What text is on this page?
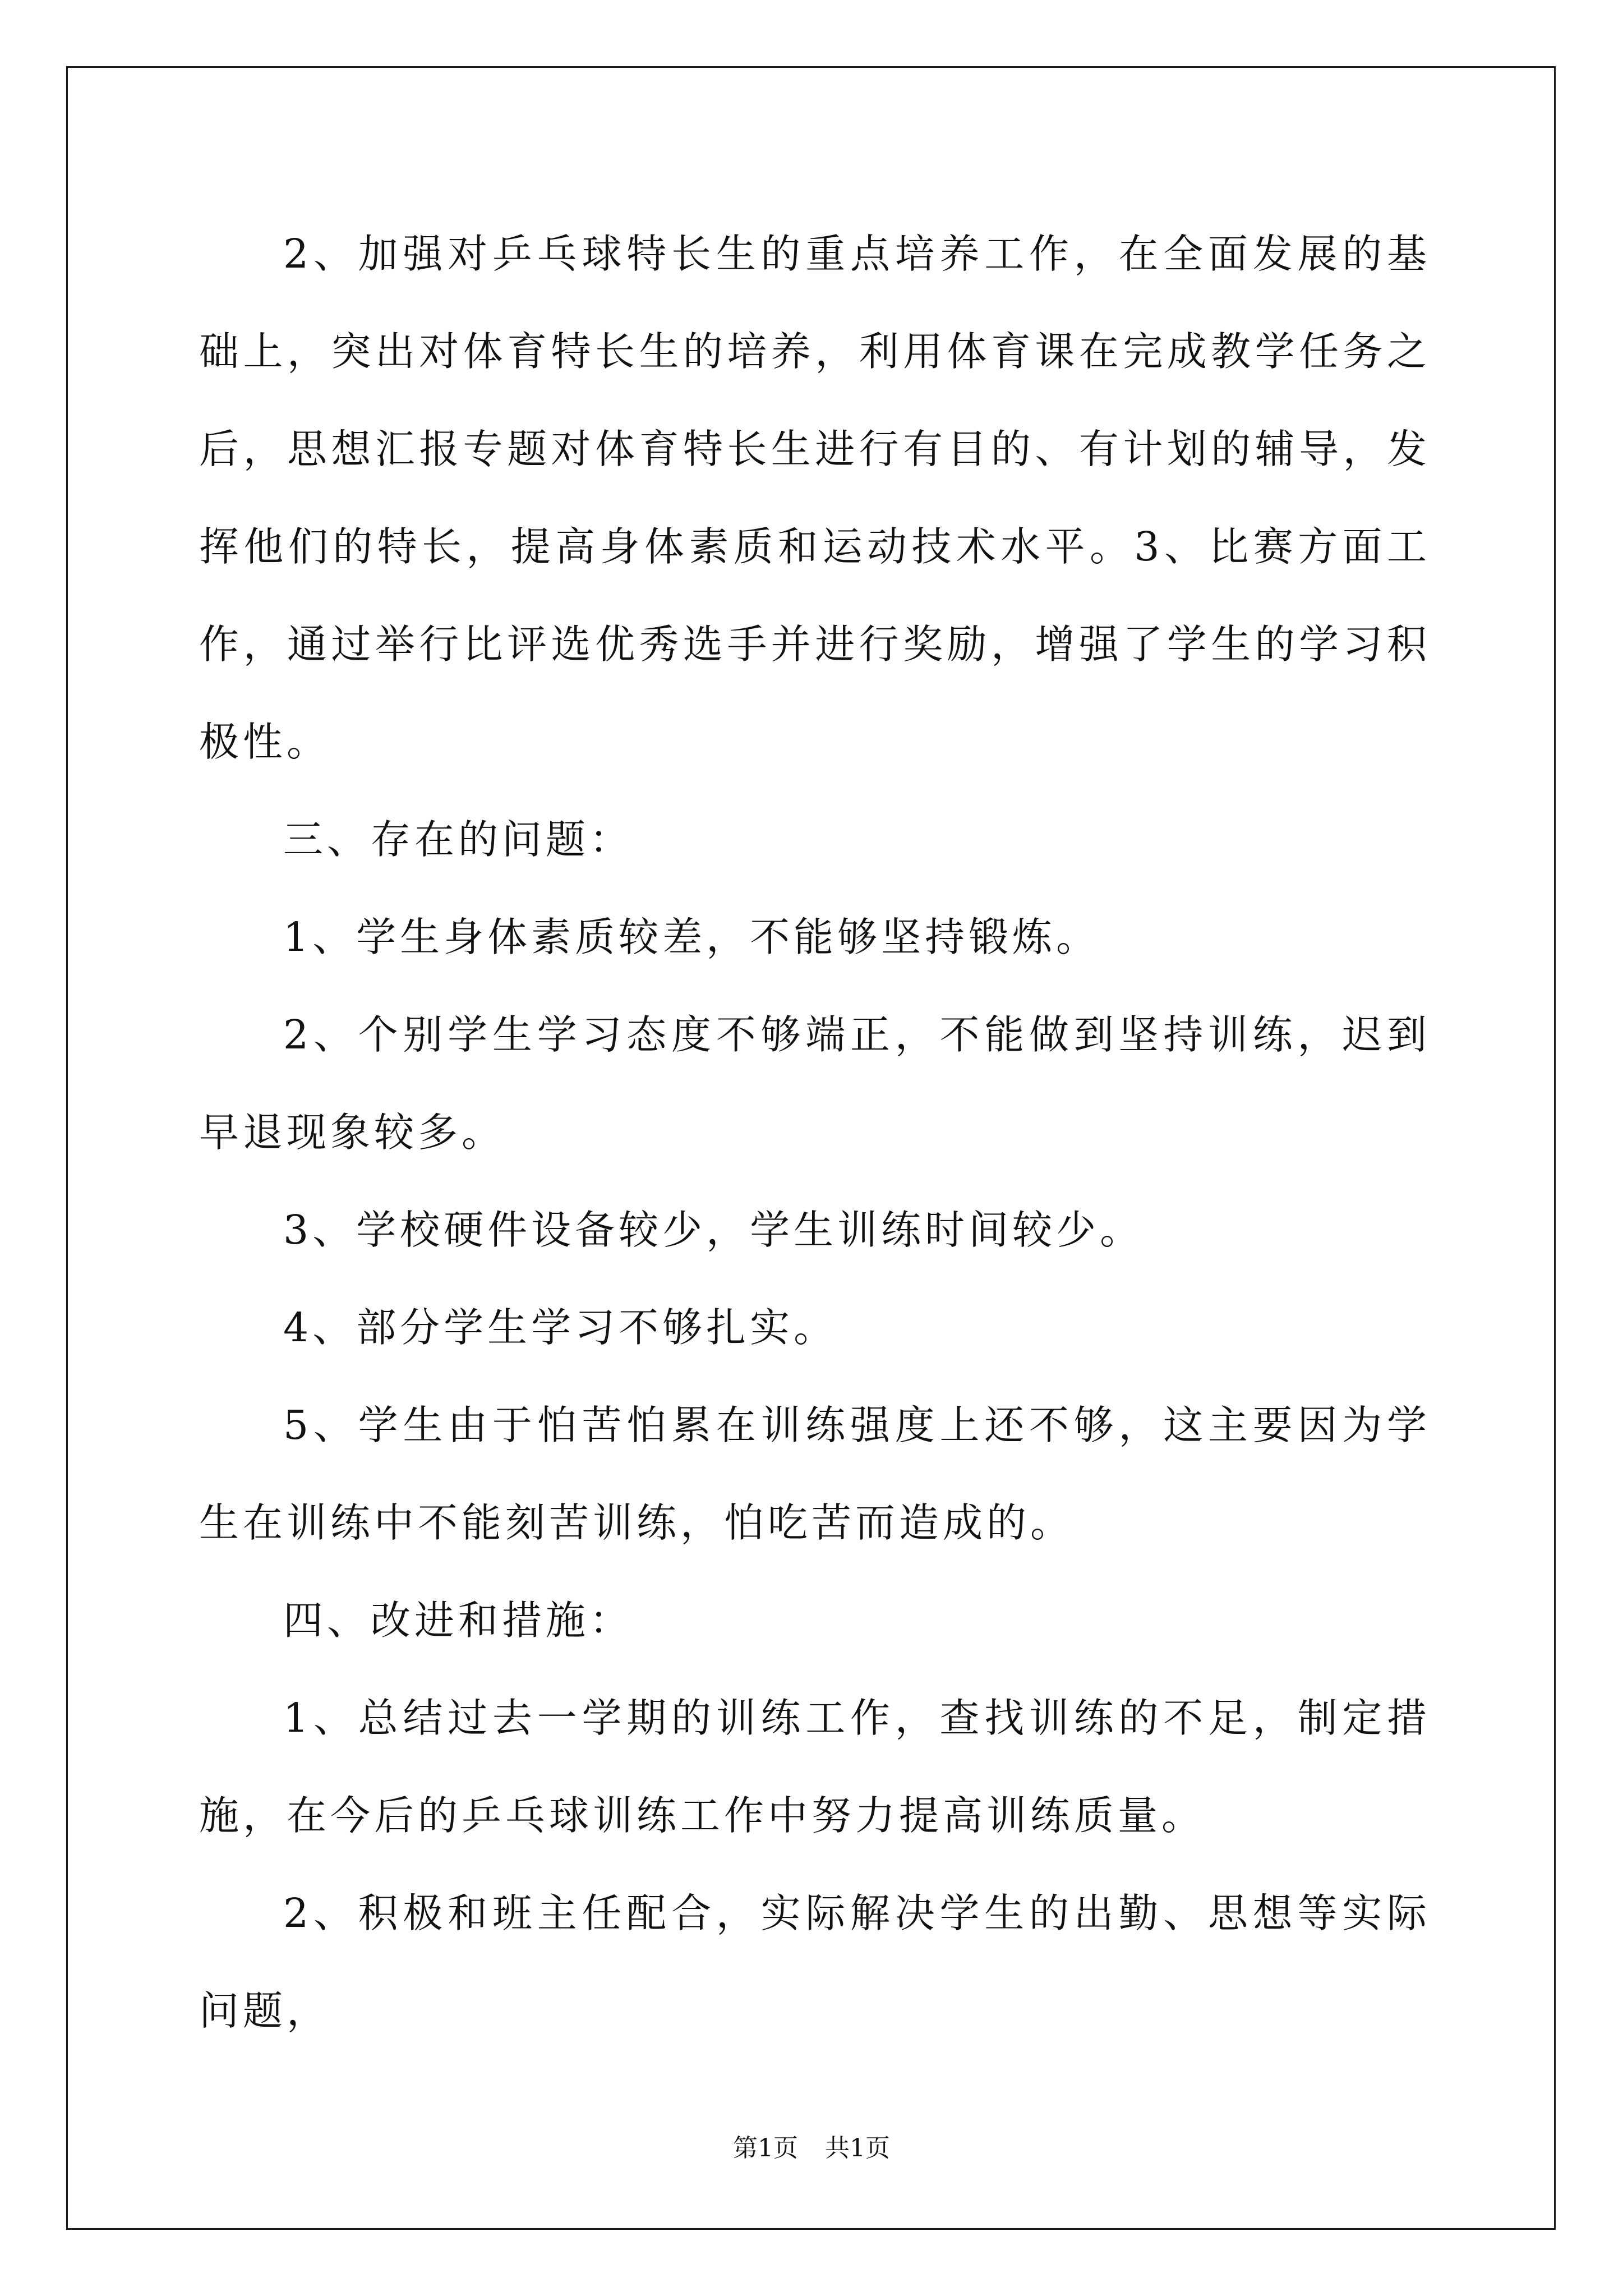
2、加强对乒乓球特长生的重点培养工作，在全面发展的基础上，突出对体育特长生的培养，利用体育课在完成教学任务之后，思想汇报专题对体育特长生进行有目的、有计划的辅导，发挥他们的特长，提高身体素质和运动技术水平。3、比赛方面工作，通过举行比评选优秀选手并进行奖励，增强了学生的学习积极性。

三、存在的问题：

1、学生身体素质较差，不能够坚持锻炼。

2、个别学生学习态度不够端正，不能做到坚持训练，迟到早退现象较多。

3、学校硬件设备较少，学生训练时间较少。

4、部分学生学习不够扎实。

5、学生由于怕苦怕累在训练强度上还不够，这主要因为学生在训练中不能刻苦训练，怕吃苦而造成的。

四、改进和措施：

1、总结过去一学期的训练工作，查找训练的不足，制定措施，在今后的乒乓球训练工作中努力提高训练质量。

2、积极和班主任配合，实际解决学生的出勤、思想等实际问题，

第1页 共1页
